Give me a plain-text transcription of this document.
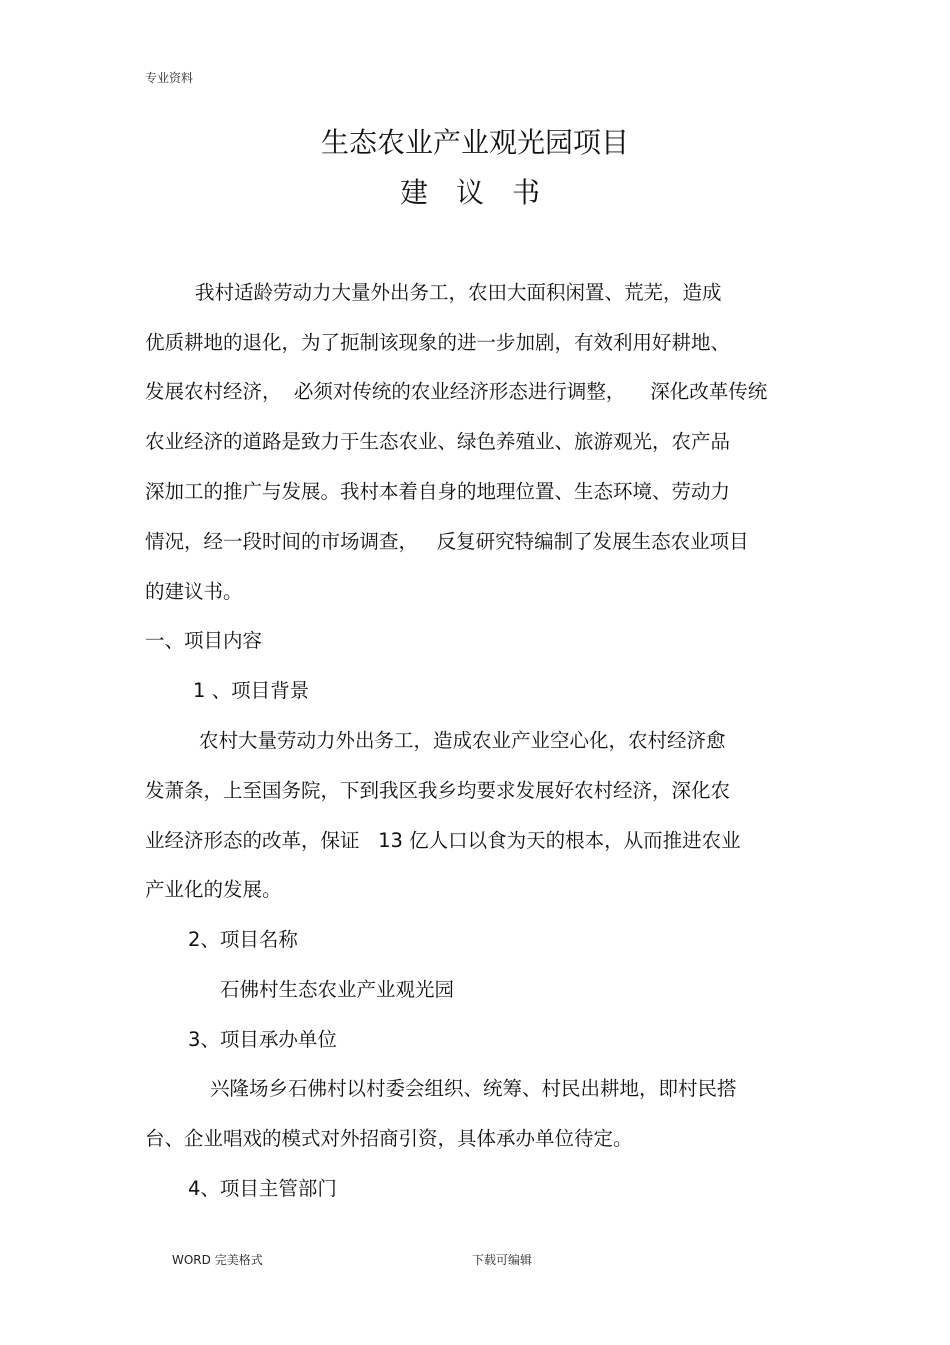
专业资料
生态农业产业观光园项目
建议书
我村适龄劳动力大量外出务工，农田大面积闲置、荒芜，造成
优质耕地的退化，为了扼制该现象的进一步加剧，有效利用好耕地、
发展农村经济，  必须对传统的农业经济形态进行调整，    深化改革传统
农业经济的道路是致力于生态农业、绿色养殖业、旅游观光，农产品
深加工的推广与发展。我村本着自身的地理位置、生态环境、劳动力
情况，经一段时间的市场调查，   反复研究特编制了发展生态农业项目
的建议书。
一、项目内容
1 、项目背景
农村大量劳动力外出务工，造成农业产业空心化，农村经济愈
发萧条，上至国务院，下到我区我乡均要求发展好农村经济，深化农
业经济形态的改革，保证   13 亿人口以食为天的根本，从而推进农业
产业化的发展。
2、项目名称
石佛村生态农业产业观光园
3、项目承办单位
兴隆场乡石佛村以村委会组织、统筹、村民出耕地，即村民搭
台、企业唱戏的模式对外招商引资，具体承办单位待定。
4、项目主管部门
WORD 完美格式	下载可编辑
